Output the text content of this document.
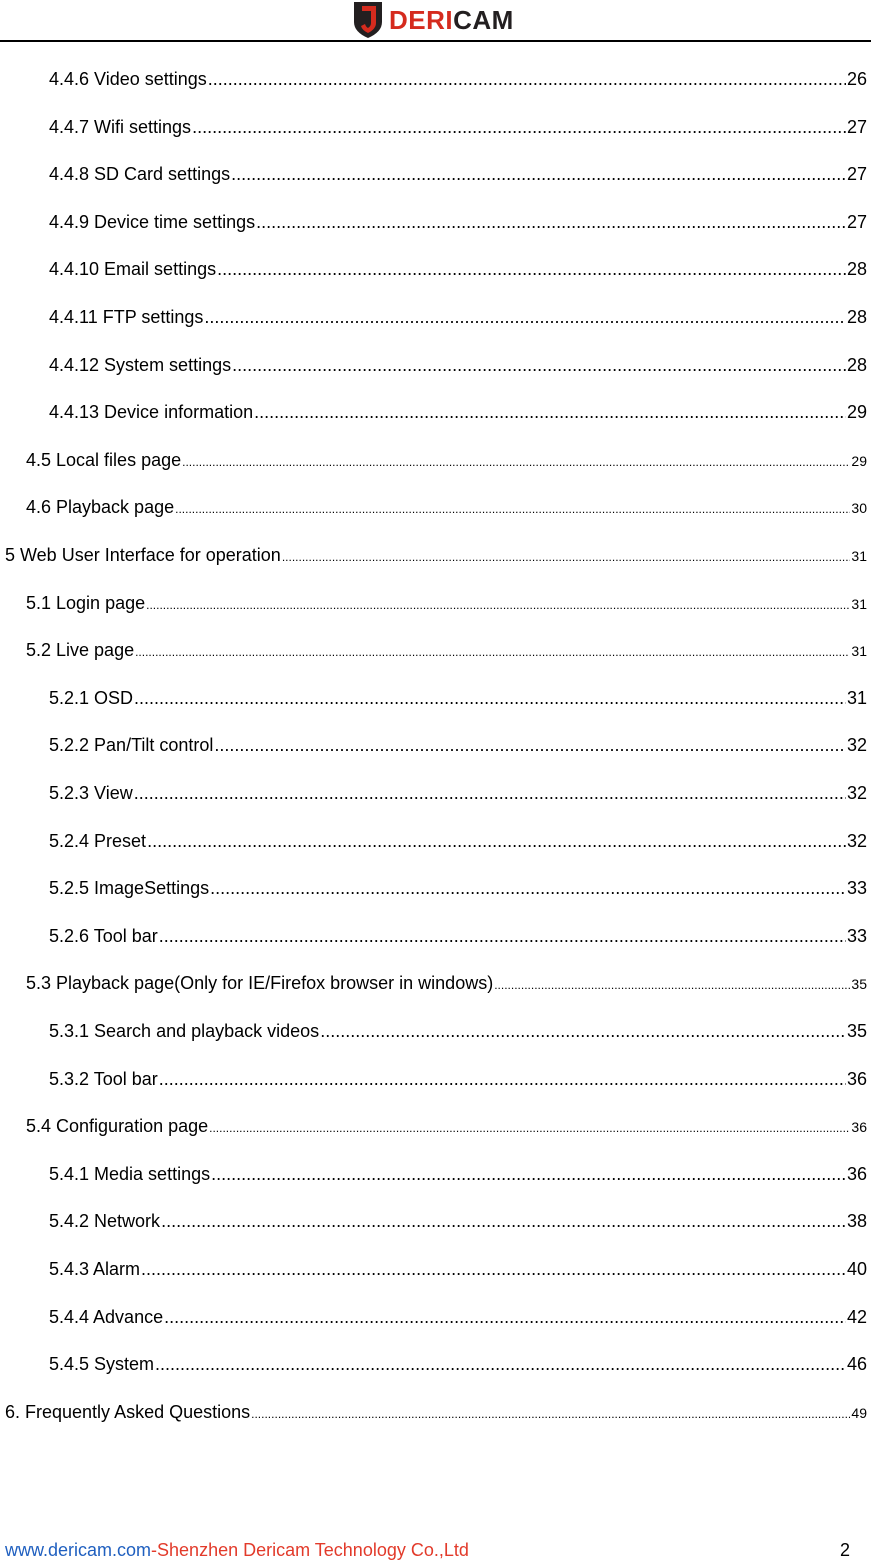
DERICAM
4.4.6 Video settings .....	26
4.4.7 Wifi settings .....	27
4.4.8 SD Card settings .....	27
4.4.9 Device time settings .....	27
4.4.10 Email settings .....	28
4.4.11 FTP settings .....	28
4.4.12 System settings .....	28
4.4.13 Device information .....	29
4.5 Local files page .....	29
4.6 Playback page .....	30
5 Web User Interface for operation .....	31
5.1 Login page .....	31
5.2 Live page .....	31
5.2.1 OSD .....	31
5.2.2 Pan/Tilt control .....	32
5.2.3 View .....	32
5.2.4 Preset .....	32
5.2.5 ImageSettings .....	33
5.2.6 Tool bar .....	33
5.3 Playback page(Only for IE/Firefox browser in windows) .....	35
5.3.1 Search and playback videos .....	35
5.3.2 Tool bar .....	36
5.4 Configuration page .....	36
5.4.1 Media settings .....	36
5.4.2 Network .....	38
5.4.3 Alarm .....	40
5.4.4 Advance .....	42
5.4.5 System .....	46
6. Frequently Asked Questions .....	49
www.dericam.com-Shenzhen Dericam Technology Co.,Ltd	2
